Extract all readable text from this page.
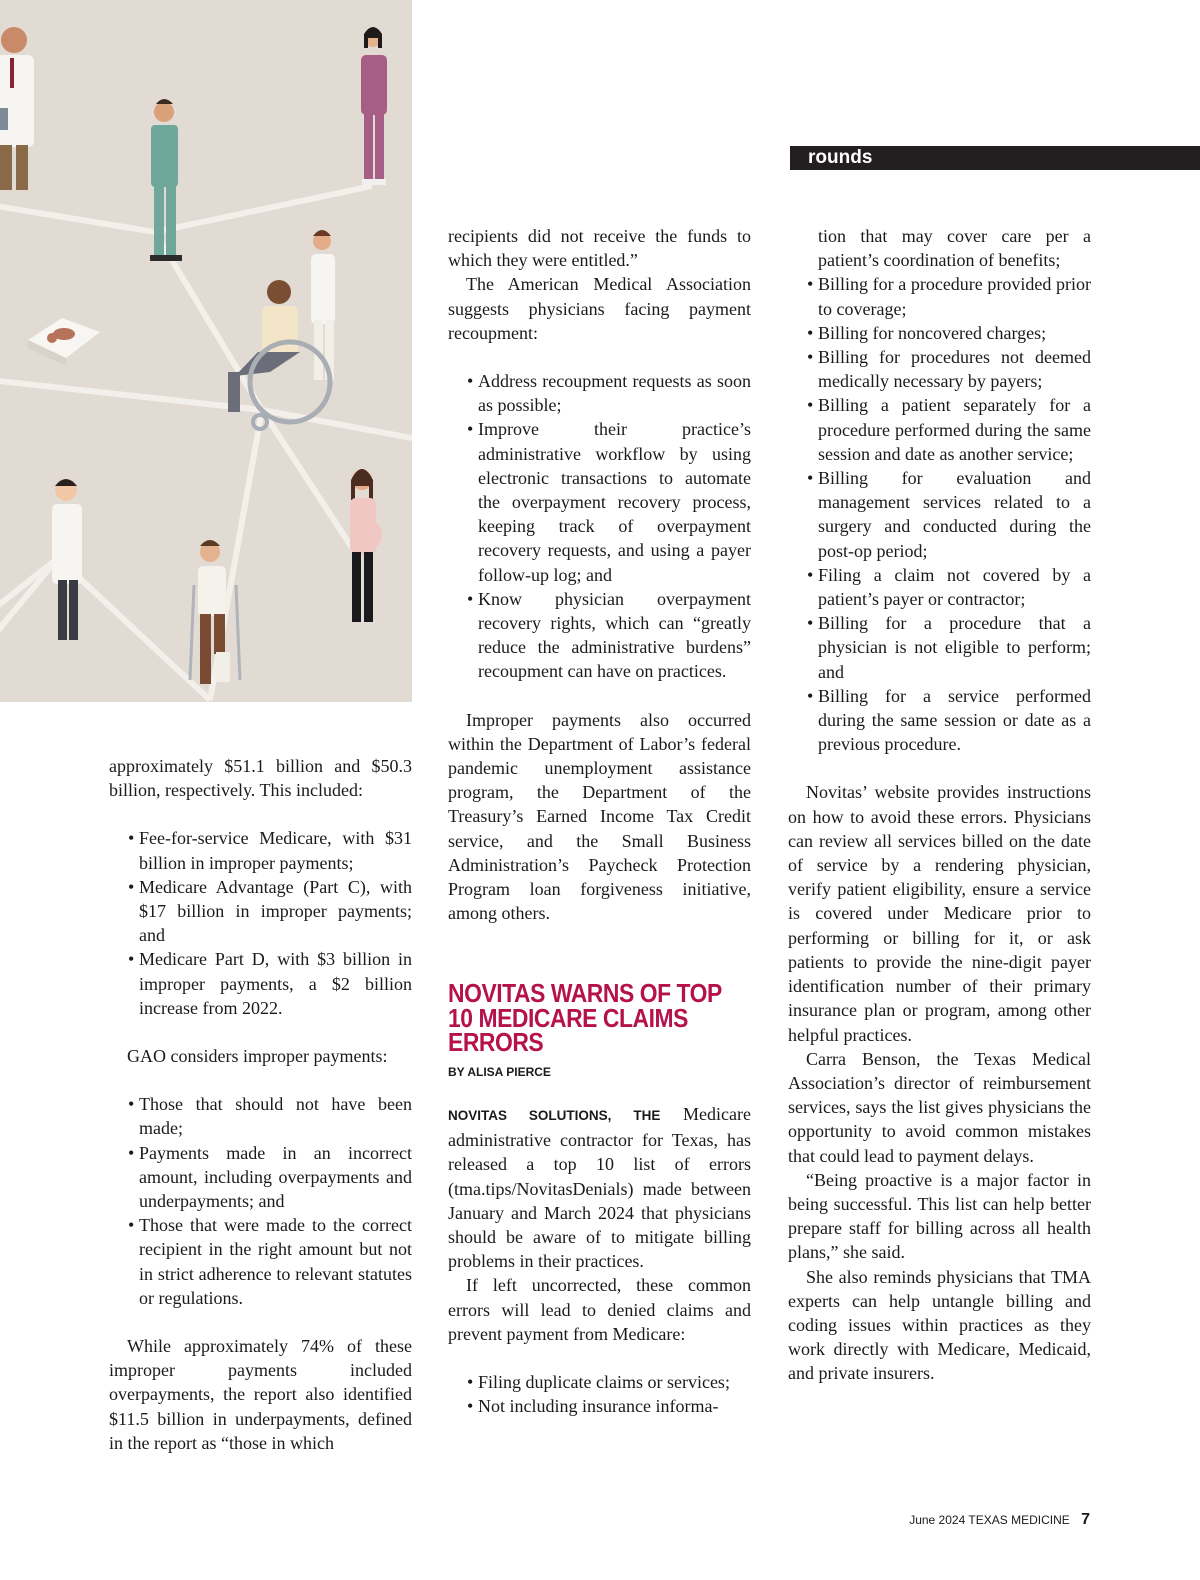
rounds

approximately $51.1 billion and $50.3 billion, respectively. This included:

• Fee-for-service Medicare, with $31 billion in improper payments;
• Medicare Advantage (Part C), with $17 billion in improper payments; and
• Medicare Part D, with $3 billion in improper payments, a $2 billion increase from 2022.

GAO considers improper payments:

• Those that should not have been made;
• Payments made in an incorrect amount, including overpayments and underpayments; and
• Those that were made to the correct recipient in the right amount but not in strict adherence to relevant statutes or regulations.

While approximately 74% of these improper payments included overpayments, the report also identified $11.5 billion in underpayments, defined in the report as “those in which

recipients did not receive the funds to which they were entitled.”

The American Medical Association suggests physicians facing payment recoupment:

• Address recoupment requests as soon as possible;
• Improve their practice’s administrative workflow by using electronic transactions to automate the overpayment recovery process, keeping track of overpayment recovery requests, and using a payer follow-up log; and
• Know physician overpayment recovery rights, which can “greatly reduce the administrative burdens” recoupment can have on practices.

Improper payments also occurred within the Department of Labor’s federal pandemic unemployment assistance program, the Department of the Treasury’s Earned Income Tax Credit service, and the Small Business Administration’s Paycheck Protection Program loan forgiveness initiative, among others.

NOVITAS WARNS OF TOP 10 MEDICARE CLAIMS ERRORS
BY ALISA PIERCE

NOVITAS SOLUTIONS, THE Medicare administrative contractor for Texas, has released a top 10 list of errors (tma.tips/NovitasDenials) made between January and March 2024 that physicians should be aware of to mitigate billing problems in their practices.

If left uncorrected, these common errors will lead to denied claims and prevent payment from Medicare:

• Filing duplicate claims or services;
• Not including insurance informa-

tion that may cover care per a patient’s coordination of benefits;

• Billing for a procedure provided prior to coverage;
• Billing for noncovered charges;
• Billing for procedures not deemed medically necessary by payers;
• Billing a patient separately for a procedure performed during the same session and date as another service;
• Billing for evaluation and management services related to a surgery and conducted during the post-op period;
• Filing a claim not covered by a patient’s payer or contractor;
• Billing for a procedure that a physician is not eligible to perform; and
• Billing for a service performed during the same session or date as a previous procedure.

Novitas’ website provides instructions on how to avoid these errors. Physicians can review all services billed on the date of service by a rendering physician, verify patient eligibility, ensure a service is covered under Medicare prior to performing or billing for it, or ask patients to provide the nine-digit payer identification number of their primary insurance plan or program, among other helpful practices.

Carra Benson, the Texas Medical Association’s director of reimbursement services, says the list gives physicians the opportunity to avoid common mistakes that could lead to payment delays.

“Being proactive is a major factor in being successful. This list can help better prepare staff for billing across all health plans,” she said.

She also reminds physicians that TMA experts can help untangle billing and coding issues within practices as they work directly with Medicare, Medicaid, and private insurers.

June 2024 TEXAS MEDICINE 7
